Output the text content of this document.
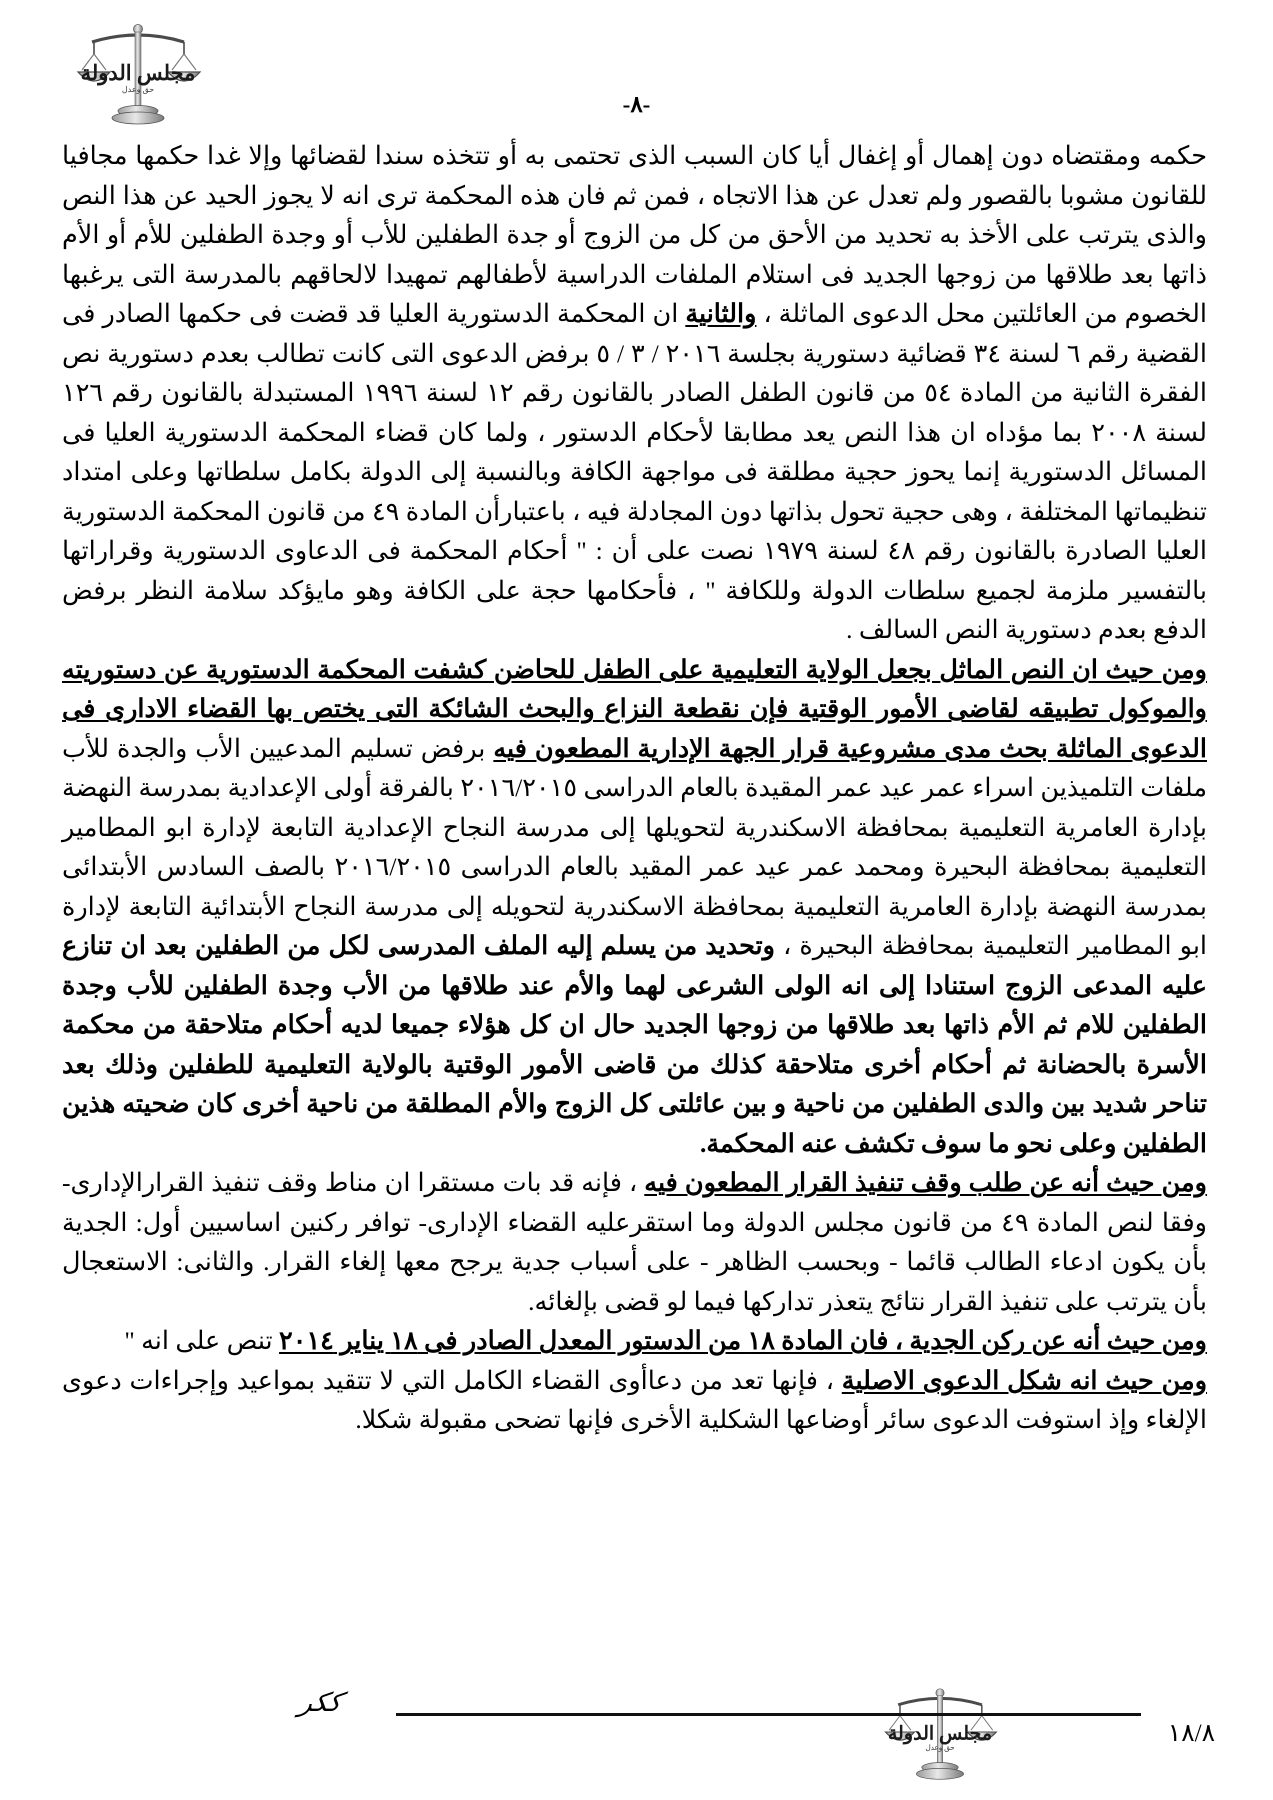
مجلس الدولة
حق وعدل
-٨-

حكمه ومقتضاه دون إهمال أو إغفال أيا كان السبب الذى تحتمى به أو تتخذه سندا لقضائها وإلا غدا حكمها مجافيا للقانون مشوبا بالقصور ولم تعدل عن هذا الاتجاه ، فمن ثم فان هذه المحكمة ترى انه لا يجوز الحيد عن هذا النص والذى يترتب على الأخذ به تحديد من الأحق من كل من الزوج أو جدة الطفلين للأب أو وجدة الطفلين للأم أو الأم ذاتها بعد طلاقها من زوجها الجديد فى استلام الملفات الدراسية لأطفالهم تمهيدا لالحاقهم بالمدرسة التى يرغبها الخصوم من العائلتين محل الدعوى الماثلة ، والثانية ان المحكمة الدستورية العليا قد قضت فى حكمها الصادر فى القضية رقم ٦ لسنة ٣٤ قضائية دستورية بجلسة ٢٠١٦ / ٣ / ٥ برفض الدعوى التى كانت تطالب بعدم دستورية نص الفقرة الثانية من المادة ٥٤ من قانون الطفل الصادر بالقانون رقم ١٢ لسنة ١٩٩٦ المستبدلة بالقانون رقم ١٢٦ لسنة ٢٠٠٨ بما مؤداه ان هذا النص يعد مطابقا لأحكام الدستور ، ولما كان قضاء المحكمة الدستورية العليا فى المسائل الدستورية إنما يحوز حجية مطلقة فى مواجهة الكافة وبالنسبة إلى الدولة بكامل سلطاتها وعلى امتداد تنظيماتها المختلفة ، وهى حجية تحول بذاتها دون المجادلة فيه ، باعتبارأن المادة ٤٩ من قانون المحكمة الدستورية العليا الصادرة بالقانون رقم ٤٨ لسنة ١٩٧٩ نصت على أن : " أحكام المحكمة فى الدعاوى الدستورية وقراراتها بالتفسير ملزمة لجميع سلطات الدولة وللكافة " ، فأحكامها حجة على الكافة وهو مايؤكد سلامة النظر برفض الدفع بعدم دستورية النص السالف .

ومن حيث ان النص الماثل بجعل الولاية التعليمية على الطفل للحاضن كشفت المحكمة الدستورية عن دستوريته والموكول تطبيقه لقاضى الأمور الوقتية فإن نقطعة النزاع والبحث الشائكة التى يختص بها القضاء الادارى فى الدعوى الماثلة بحث مدى مشروعية قرار الجهة الإدارية المطعون فيه برفض تسليم المدعيين الأب والجدة للأب ملفات التلميذين اسراء عمر عيد عمر المقيدة بالعام الدراسى ٢٠١٦/٢٠١٥ بالفرقة أولى الإعدادية بمدرسة النهضة بإدارة العامرية التعليمية بمحافظة الاسكندرية لتحويلها إلى مدرسة النجاح الإعدادية التابعة لإدارة ابو المطامير التعليمية بمحافظة البحيرة ومحمد عمر عيد عمر المقيد بالعام الدراسى ٢٠١٦/٢٠١٥ بالصف السادس الأبتدائى بمدرسة النهضة بإدارة العامرية التعليمية بمحافظة الاسكندرية لتحويله إلى مدرسة النجاح الأبتدائية التابعة لإدارة ابو المطامير التعليمية بمحافظة البحيرة ، وتحديد من يسلم إليه الملف المدرسى لكل من الطفلين بعد ان تنازع عليه المدعى الزوج استنادا إلى انه الولى الشرعى لهما والأم عند طلاقها من الأب وجدة الطفلين للأب وجدة الطفلين للام ثم الأم ذاتها بعد طلاقها من زوجها الجديد حال ان كل هؤلاء جميعا لديه أحكام متلاحقة من محكمة الأسرة بالحضانة ثم أحكام أخرى متلاحقة كذلك من قاضى الأمور الوقتية بالولاية التعليمية للطفلين وذلك بعد تناحر شديد بين والدى الطفلين من ناحية و بين عائلتى كل الزوج والأم المطلقة من ناحية أخرى كان ضحيته هذين الطفلين وعلى نحو ما سوف تكشف عنه المحكمة.

ومن حيث أنه عن طلب وقف تنفيذ القرار المطعون فيه ، فإنه قد بات مستقرا ان مناط وقف تنفيذ القرارالإدارى- وفقا لنص المادة ٤٩ من قانون مجلس الدولة وما استقرعليه القضاء الإدارى- توافر ركنين اساسيين أول: الجدية بأن يكون ادعاء الطالب قائما - وبحسب الظاهر - على أسباب جدية يرجح معها إلغاء القرار. والثانى: الاستعجال بأن يترتب على تنفيذ القرار نتائج يتعذر تداركها فيما لو قضى بإلغائه.

ومن حيث أنه عن ركن الجدية ، فان المادة ١٨ من الدستور المعدل الصادر فى ١٨ يناير ٢٠١٤ تنص على انه "

ومن حيث انه شكل الدعوى الاصلية ، فإنها تعد من دعاأوى القضاء الكامل التي لا تتقيد بمواعيد وإجراءات دعوى الإلغاء وإذ استوفت الدعوى سائر أوضاعها الشكلية الأخرى فإنها تضحى مقبولة شكلا.

مجلس الدولة
حق وعدل
ككر
١٨/٨
